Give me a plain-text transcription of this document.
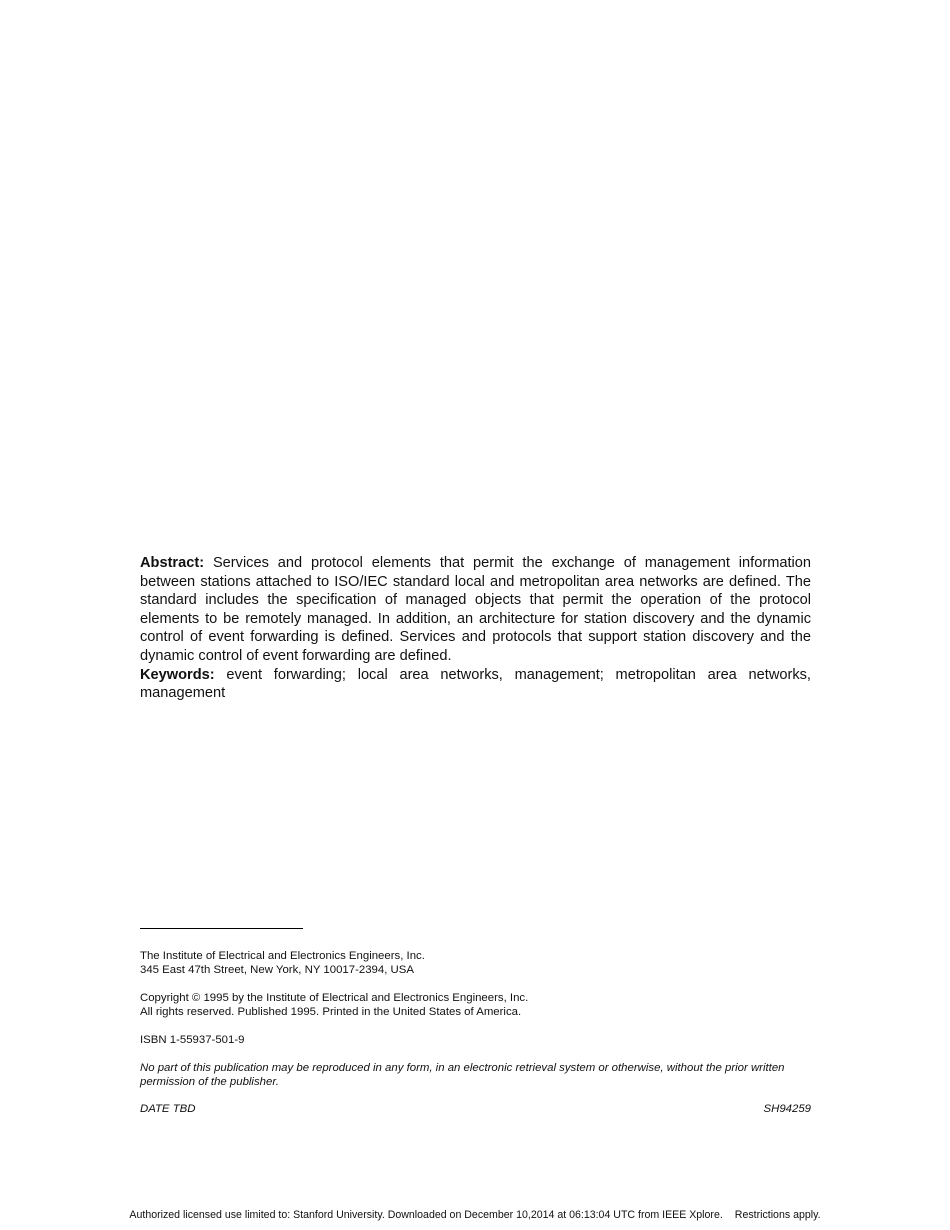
Abstract: Services and protocol elements that permit the exchange of management information between stations attached to ISO/IEC standard local and metropolitan area networks are defined. The standard includes the specification of managed objects that permit the operation of the protocol elements to be remotely managed. In addition, an architecture for station discovery and the dynamic control of event forwarding is defined. Services and protocols that support station discovery and the dynamic control of event forwarding are defined.

Keywords: event forwarding; local area networks, management; metropolitan area networks, management

The Institute of Electrical and Electronics Engineers, Inc.
345 East 47th Street, New York, NY 10017-2394, USA

Copyright © 1995 by the Institute of Electrical and Electronics Engineers, Inc.
All rights reserved. Published 1995. Printed in the United States of America.

ISBN 1-55937-501-9

No part of this publication may be reproduced in any form, in an electronic retrieval system or otherwise, without the prior written permission of the publisher.

DATE TBD	SH94259

Authorized licensed use limited to: Stanford University. Downloaded on December 10,2014 at 06:13:04 UTC from IEEE Xplore. Restrictions apply.
